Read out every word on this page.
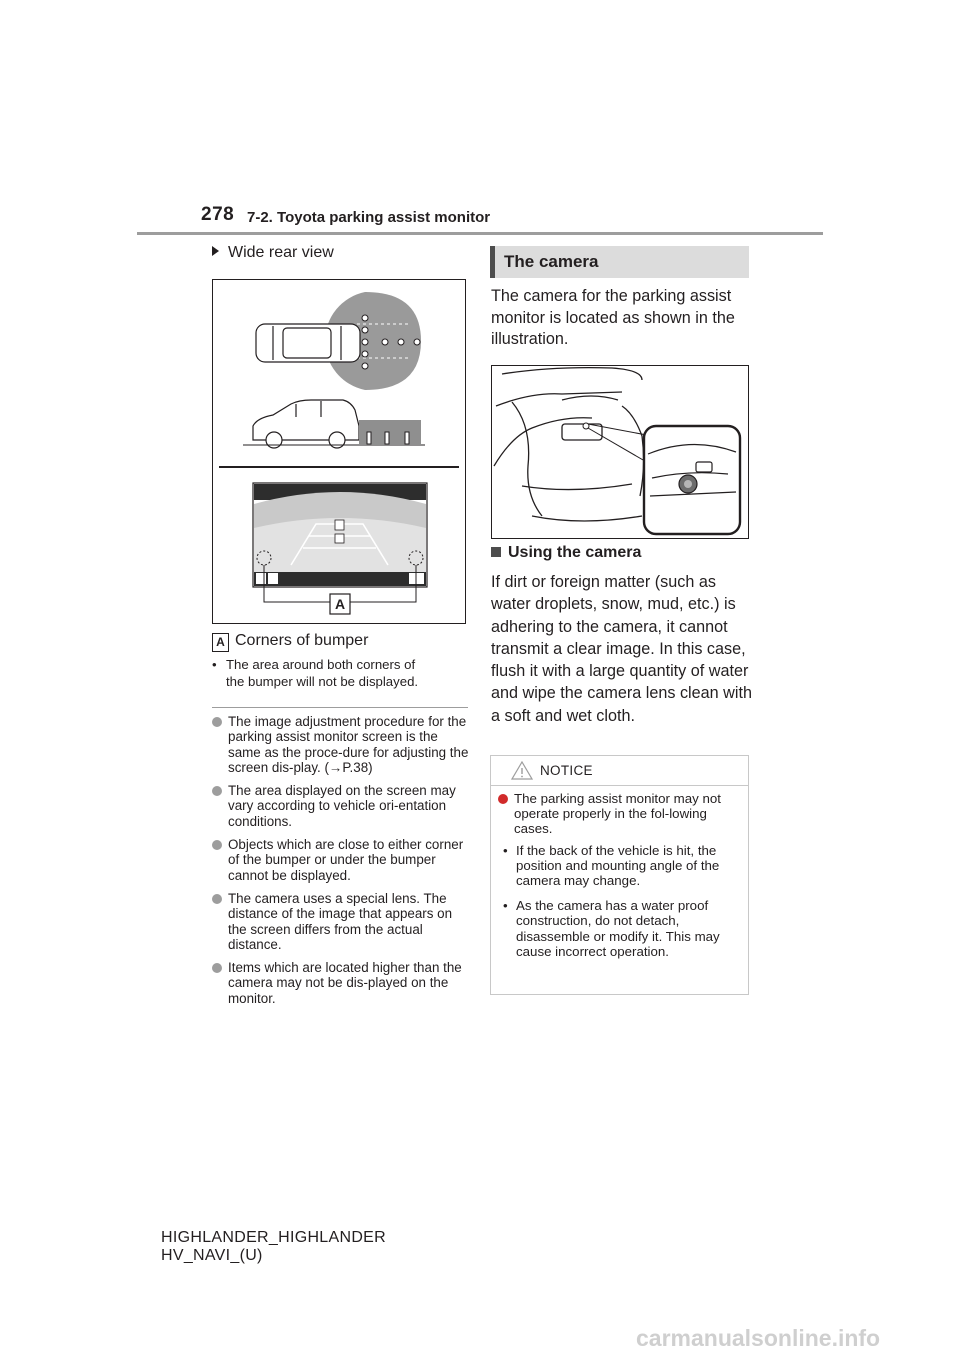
278 7-2. Toyota parking assist monitor
Wide rear view
A
A Corners of bumper
• The area around both corners of
the bumper will not be displayed.
The image adjustment procedure for the parking assist monitor screen is the same as the proce-dure for adjusting the screen dis-play. (→P.38)
The area displayed on the screen may vary according to vehicle ori-entation conditions.
Objects which are close to either corner of the bumper or under the bumper cannot be displayed.
The camera uses a special lens. The distance of the image that appears on the screen differs from the actual distance.
Items which are located higher than the camera may not be dis-played on the monitor.
The camera
The camera for the parking assist monitor is located as shown in the illustration.
Using the camera
If dirt or foreign matter (such as water droplets, snow, mud, etc.) is adhering to the camera, it cannot transmit a clear image. In this case, flush it with a large quantity of water and wipe the camera lens clean with a soft and wet cloth.
NOTICE
The parking assist monitor may not operate properly in the fol-lowing cases.
• If the back of the vehicle is hit, the position and mounting angle of the camera may change.
• As the camera has a water proof construction, do not detach, disassemble or modify it. This may cause incorrect operation.
HIGHLANDER_HIGHLANDER
HV_NAVI_(U)
carmanualsonline.info
